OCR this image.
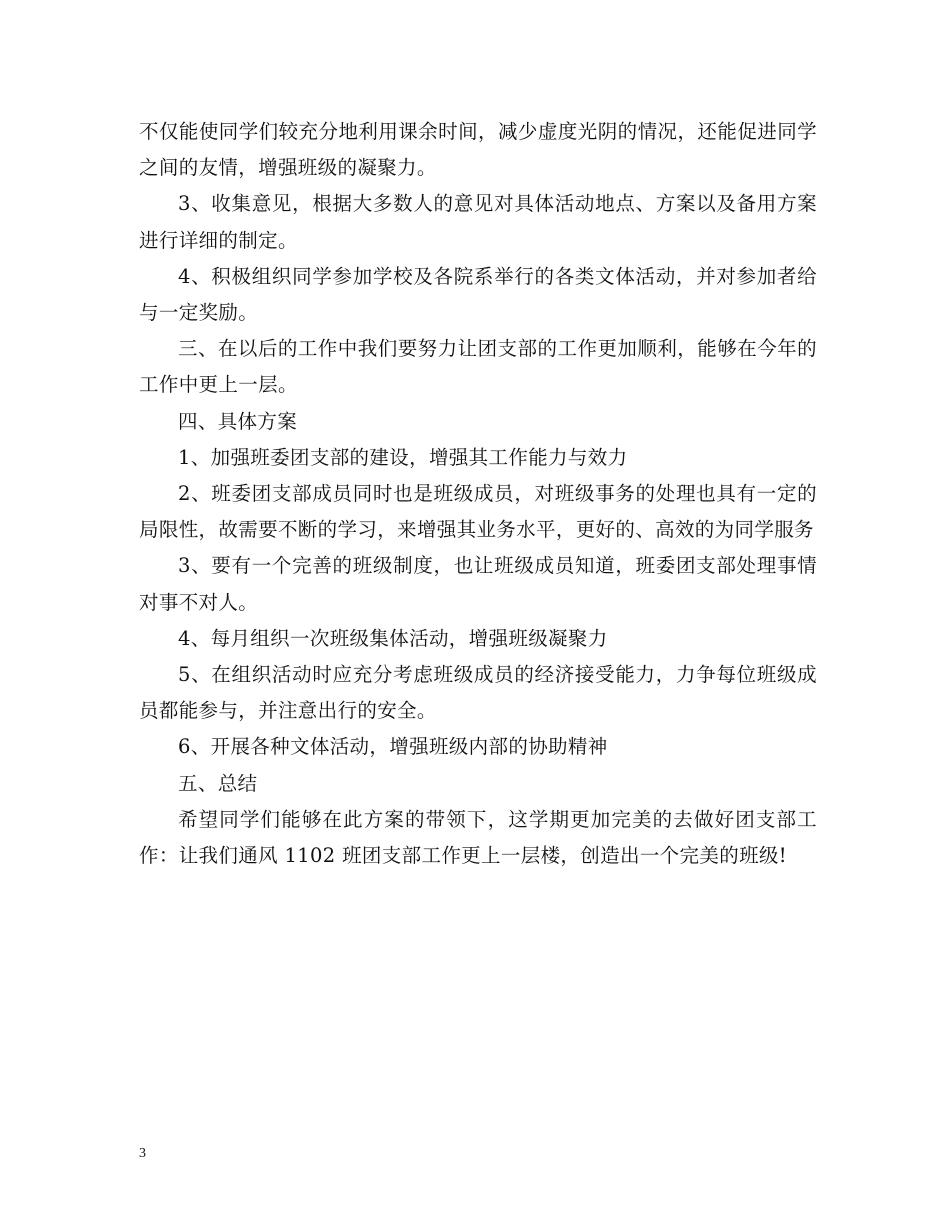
不仅能使同学们较充分地利用课余时间，减少虚度光阴的情况，还能促进同学之间的友情，增强班级的凝聚力。

3、收集意见，根据大多数人的意见对具体活动地点、方案以及备用方案进行详细的制定。

4、积极组织同学参加学校及各院系举行的各类文体活动，并对参加者给与一定奖励。

三、在以后的工作中我们要努力让团支部的工作更加顺利，能够在今年的工作中更上一层。

四、具体方案

1、加强班委团支部的建设，增强其工作能力与效力

2、班委团支部成员同时也是班级成员，对班级事务的处理也具有一定的局限性，故需要不断的学习，来增强其业务水平，更好的、高效的为同学服务

3、要有一个完善的班级制度，也让班级成员知道，班委团支部处理事情对事不对人。

4、每月组织一次班级集体活动，增强班级凝聚力

5、在组织活动时应充分考虑班级成员的经济接受能力，力争每位班级成员都能参与，并注意出行的安全。

6、开展各种文体活动，增强班级内部的协助精神

五、总结

希望同学们能够在此方案的带领下，这学期更加完美的去做好团支部工作：让我们通风 1102 班团支部工作更上一层楼，创造出一个完美的班级!

3
